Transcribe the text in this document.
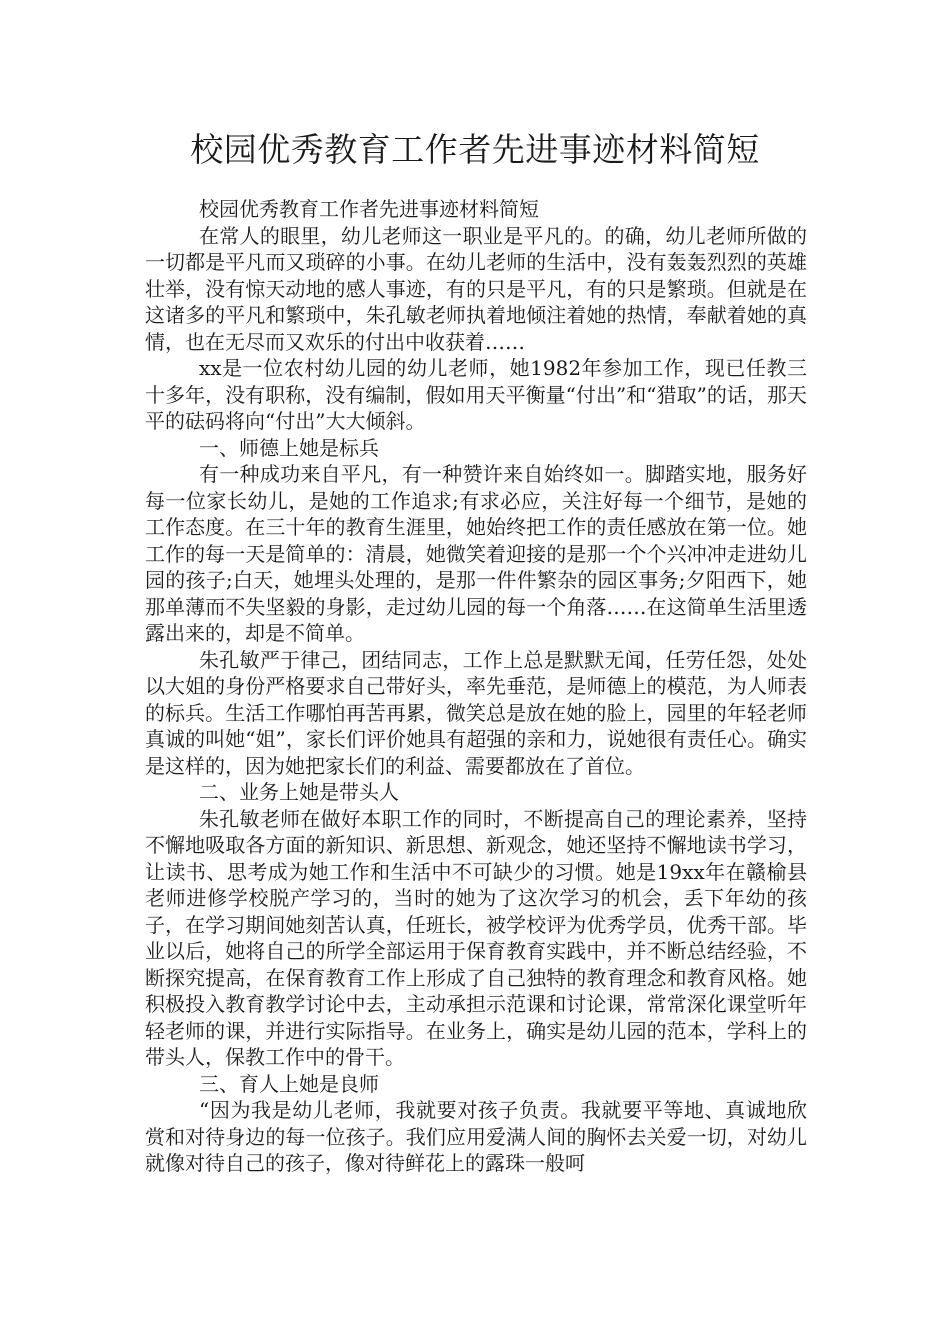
校园优秀教育工作者先进事迹材料简短

校园优秀教育工作者先进事迹材料简短

在常人的眼里，幼儿老师这一职业是平凡的。的确，幼儿老师所做的一切都是平凡而又琐碎的小事。在幼儿老师的生活中，没有轰轰烈烈的英雄壮举，没有惊天动地的感人事迹，有的只是平凡，有的只是繁琐。但就是在这诸多的平凡和繁琐中，朱孔敏老师执着地倾注着她的热情，奉献着她的真情，也在无尽而又欢乐的付出中收获着……

xx是一位农村幼儿园的幼儿老师，她1982年参加工作，现已任教三十多年，没有职称，没有编制，假如用天平衡量“付出”和“猎取”的话，那天平的砝码将向“付出”大大倾斜。

一、师德上她是标兵

有一种成功来自平凡，有一种赞许来自始终如一。脚踏实地，服务好每一位家长幼儿，是她的工作追求;有求必应，关注好每一个细节，是她的工作态度。在三十年的教育生涯里，她始终把工作的责任感放在第一位。她工作的每一天是简单的：清晨，她微笑着迎接的是那一个个兴冲冲走进幼儿园的孩子;白天，她埋头处理的，是那一件件繁杂的园区事务;夕阳西下，她那单薄而不失坚毅的身影，走过幼儿园的每一个角落……在这简单生活里透露出来的，却是不简单。

朱孔敏严于律己，团结同志，工作上总是默默无闻，任劳任怨，处处以大姐的身份严格要求自己带好头，率先垂范，是师德上的模范，为人师表的标兵。生活工作哪怕再苦再累，微笑总是放在她的脸上，园里的年轻老师真诚的叫她“姐”，家长们评价她具有超强的亲和力，说她很有责任心。确实是这样的，因为她把家长们的利益、需要都放在了首位。

二、业务上她是带头人

朱孔敏老师在做好本职工作的同时，不断提高自己的理论素养，坚持不懈地吸取各方面的新知识、新思想、新观念，她还坚持不懈地读书学习，让读书、思考成为她工作和生活中不可缺少的习惯。她是19xx年在赣榆县老师进修学校脱产学习的，当时的她为了这次学习的机会，丢下年幼的孩子，在学习期间她刻苦认真，任班长，被学校评为优秀学员，优秀干部。毕业以后，她将自己的所学全部运用于保育教育实践中，并不断总结经验，不断探究提高，在保育教育工作上形成了自己独特的教育理念和教育风格。她积极投入教育教学讨论中去，主动承担示范课和讨论课，常常深化课堂听年轻老师的课，并进行实际指导。在业务上，确实是幼儿园的范本，学科上的带头人，保教工作中的骨干。

三、育人上她是良师

“因为我是幼儿老师，我就要对孩子负责。我就要平等地、真诚地欣赏和对待身边的每一位孩子。我们应用爱满人间的胸怀去关爱一切，对幼儿就像对待自己的孩子，像对待鲜花上的露珠一般呵
